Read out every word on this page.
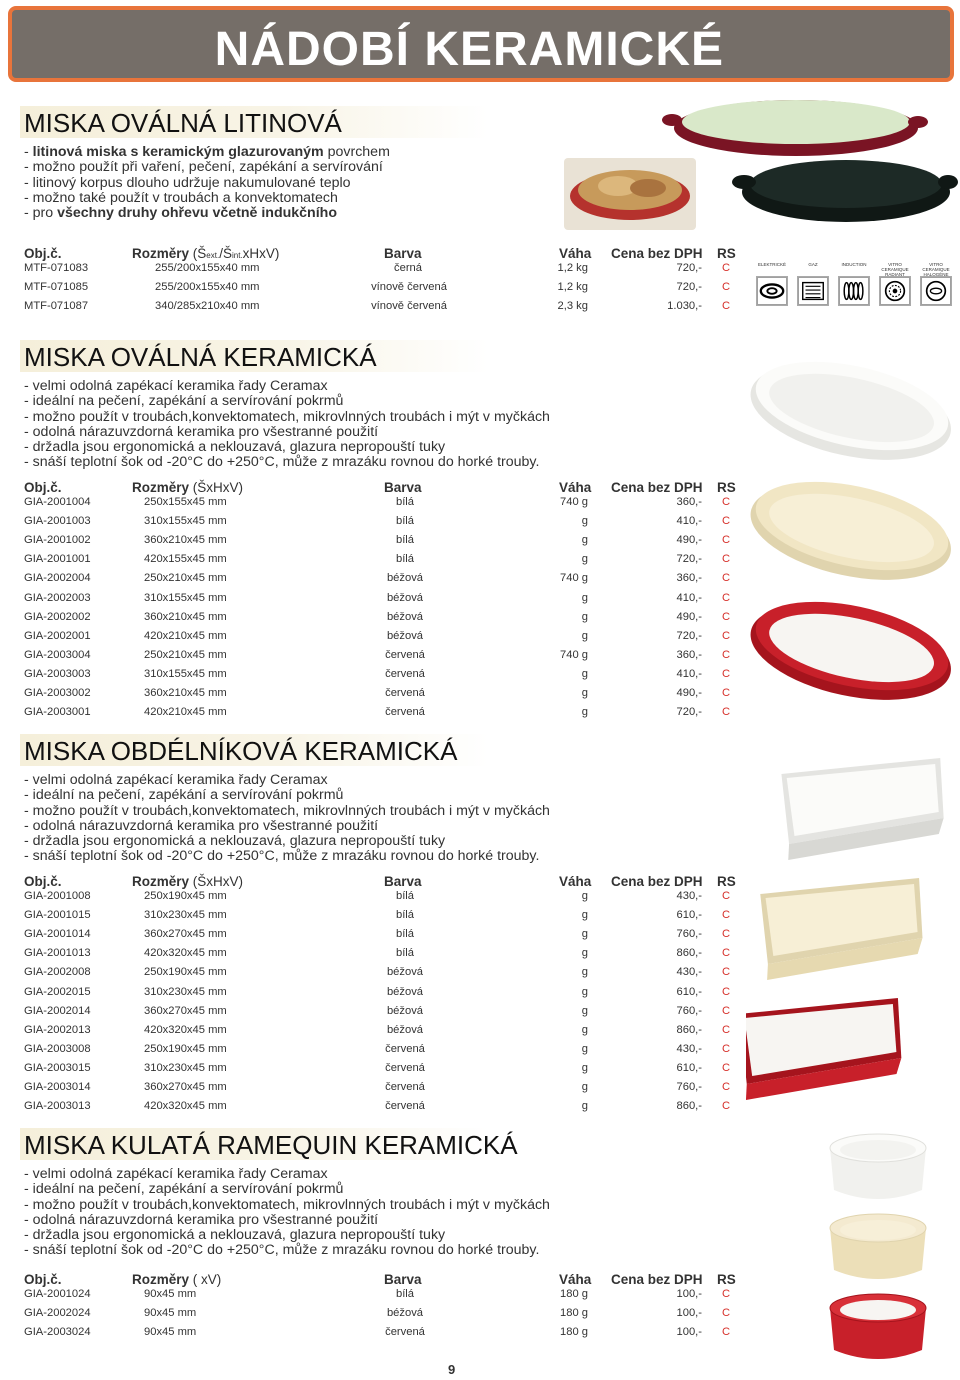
NÁDOBÍ KERAMICKÉ
MISKA OVÁLNÁ LITINOVÁ
- litinová miska s keramickým glazurovaným povrchem
- možno použít při vaření, pečení, zapékání a servírování
- litinový korpus dlouho udržuje nakumulované teplo
- možno také použít v troubách a konvektomatech
- pro všechny druhy ohřevu včetně indukčního
Obj.č.	Rozměry (Šext./Šint.xHxV)	Barva	Váha Cena bez DPH RS
MTF-071083	255/200x155x40 mm	černá	1,2 kg	720,- C
MTF-071085	255/200x155x40 mm	vínově červená	1,2 kg	720,- C
MTF-071087	340/285x210x40 mm	vínově červená	2,3 kg	1.030,- C
ELEKTRICKÉ	GAZ	INDUCTION	VITRO CERAMIQUE RADIANT
VITRO CERAMIQUE HALOGÈNE
MISKA OVÁLNÁ KERAMICKÁ
- velmi odolná zapékací keramika řady Ceramax
- ideální na pečení, zapékání a servírování pokrmů
- možno použít v troubách,konvektomatech, mikrovlnných troubách i mýt v myčkách
- odolná nárazuvzdorná keramika pro všestranné použití
- držadla jsou ergonomická a neklouzavá, glazura nepropouští tuky
- snáší teplotní šok od -20°C do +250°C, může z mrazáku rovnou do horké trouby.
Obj.č.	Rozměry (ŠxHxV)	Barva	Váha Cena bez DPH RS
GIA-2001004	250x155x45 mm	bílá	740 g	360,- C
GIA-2001003	310x155x45 mm	bílá	g	410,- C
GIA-2001002	360x210x45 mm	bílá	g	490,- C
GIA-2001001	420x155x45 mm	bílá	g	720,- C
GIA-2002004	250x210x45 mm	béžová	740 g	360,- C
GIA-2002003	310x155x45 mm	béžová	g	410,- C
GIA-2002002	360x210x45 mm	béžová	g	490,- C
GIA-2002001	420x210x45 mm	béžová	g	720,- C
GIA-2003004	250x210x45 mm	červená	740 g	360,- C
GIA-2003003	310x155x45 mm	červená	g	410,- C
GIA-2003002	360x210x45 mm	červená	g	490,- C
GIA-2003001	420x210x45 mm	červená	g	720,- C
MISKA OBDÉLNÍKOVÁ KERAMICKÁ
- velmi odolná zapékací keramika řady Ceramax
- ideální na pečení, zapékání a servírování pokrmů
- možno použít v troubách,konvektomatech, mikrovlnných troubách i mýt v myčkách
- odolná nárazuvzdorná keramika pro všestranné použití
- držadla jsou ergonomická a neklouzavá, glazura nepropouští tuky
- snáší teplotní šok od -20°C do +250°C, může z mrazáku rovnou do horké trouby.
Obj.č.	Rozměry (ŠxHxV)	Barva	Váha Cena bez DPH RS
GIA-2001008	250x190x45 mm	bílá	g	430,- C
GIA-2001015	310x230x45 mm	bílá	g	610,- C
GIA-2001014	360x270x45 mm	bílá	g	760,- C
GIA-2001013	420x320x45 mm	bílá	g	860,- C
GIA-2002008	250x190x45 mm	béžová	g	430,- C
GIA-2002015	310x230x45 mm	béžová	g	610,- C
GIA-2002014	360x270x45 mm	béžová	g	760,- C
GIA-2002013	420x320x45 mm	béžová	g	860,- C
GIA-2003008	250x190x45 mm	červená	g	430,- C
GIA-2003015	310x230x45 mm	červená	g	610,- C
GIA-2003014	360x270x45 mm	červená	g	760,- C
GIA-2003013	420x320x45 mm	červená	g	860,- C
MISKA KULATÁ RAMEQUIN KERAMICKÁ
- velmi odolná zapékací keramika řady Ceramax
- ideální na pečení, zapékání a servírování pokrmů
- možno použít v troubách,konvektomatech, mikrovlnných troubách i mýt v myčkách
- odolná nárazuvzdorná keramika pro všestranné použití
- držadla jsou ergonomická a neklouzavá, glazura nepropouští tuky
- snáší teplotní šok od -20°C do +250°C, může z mrazáku rovnou do horké trouby.
Obj.č.	Rozměry ( xV)	Barva	Váha Cena bez DPH RS
GIA-2001024	90x45 mm	bílá	180 g	100,- C
GIA-2002024	90x45 mm	béžová	180 g	100,- C
GIA-2003024	90x45 mm	červená	180 g	100,- C
9
